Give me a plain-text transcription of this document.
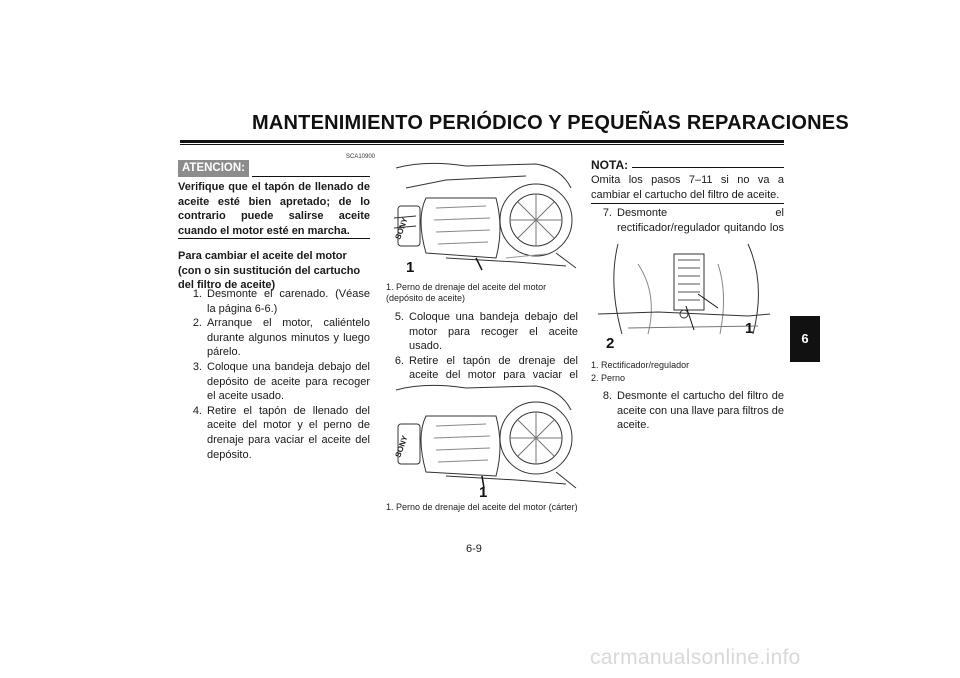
MANTENIMIENTO PERIÓDICO Y PEQUEÑAS REPARACIONES
SCA10900
ATENCION:
Verifique que el tapón de llenado de aceite esté bien apretado; de lo contrario puede salirse aceite cuando el motor esté en marcha.
Para cambiar el aceite del motor (con o sin sustitución del cartucho del filtro de aceite)
1. Desmonte el carenado. (Véase la página 6-6.)
2. Arranque el motor, caliéntelo durante algunos minutos y luego párelo.
3. Coloque una bandeja debajo del depósito de aceite para recoger el aceite usado.
4. Retire el tapón de llenado del aceite del motor y el perno de drenaje para vaciar el aceite del depósito.
SONY
1
1. Perno de drenaje del aceite del motor (depósito de aceite)
5. Coloque una bandeja debajo del motor para recoger el aceite usado.
6. Retire el tapón de drenaje del aceite del motor para vaciar el aceite del cárter.
SONY
1
1. Perno de drenaje del aceite del motor (cárter)
NOTA:
Omita los pasos 7–11 si no va a cambiar el cartucho del filtro de aceite.
7. Desmonte el rectificador/regulador quitando los pernos.
1
2
1. Rectificador/regulador
2. Perno
8. Desmonte el cartucho del filtro de aceite con una llave para filtros de aceite.
6
6-9
carmanualsonline.info
